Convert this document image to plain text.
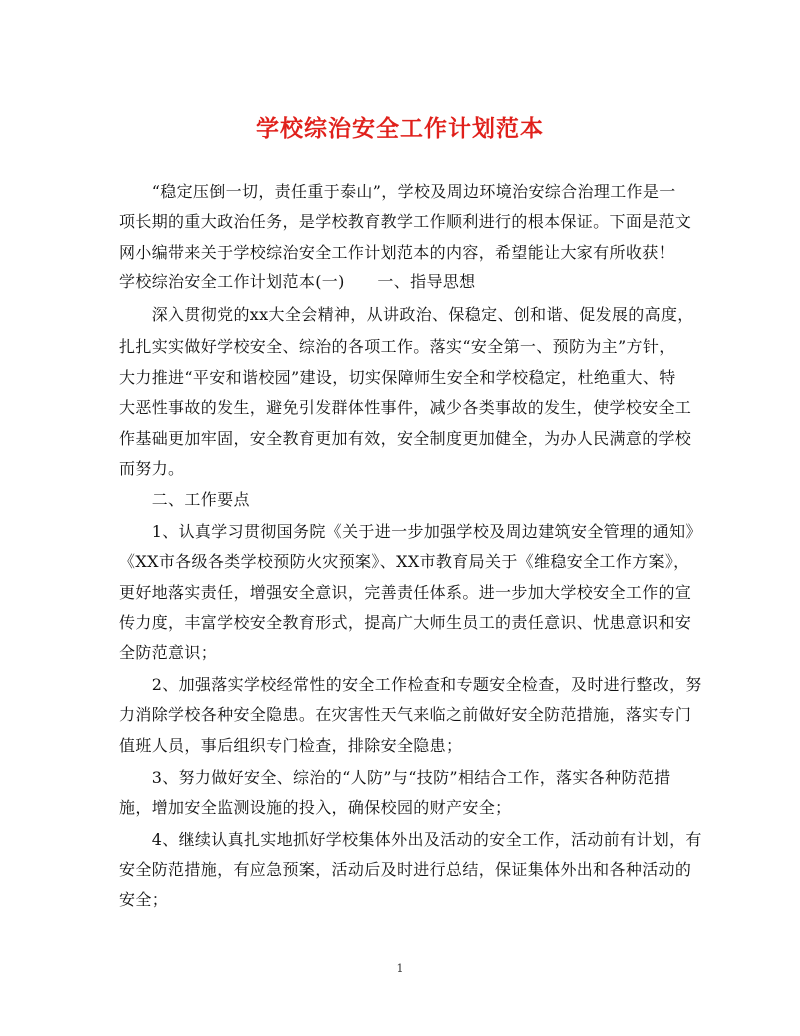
学校综治安全工作计划范本
　　“稳定压倒一切，责任重于泰山”，学校及周边环境治安综合治理工作是一
项长期的重大政治任务，是学校教育教学工作顺利进行的根本保证。下面是范文
网小编带来关于学校综治安全工作计划范本的内容，希望能让大家有所收获！
学校综治安全工作计划范本(一)　　一、指导思想
　　深入贯彻党的xx大全会精神，从讲政治、保稳定、创和谐、促发展的高度，
扎扎实实做好学校安全、综治的各项工作。落实“安全第一、预防为主”方针，
大力推进“平安和谐校园”建设，切实保障师生安全和学校稳定，杜绝重大、特
大恶性事故的发生，避免引发群体性事件，减少各类事故的发生，使学校安全工
作基础更加牢固，安全教育更加有效，安全制度更加健全，为办人民满意的学校
而努力。
　　二、工作要点
　　1、认真学习贯彻国务院《关于进一步加强学校及周边建筑安全管理的通知》
《XX市各级各类学校预防火灾预案》、XX市教育局关于《维稳安全工作方案》，
更好地落实责任，增强安全意识，完善责任体系。进一步加大学校安全工作的宣
传力度，丰富学校安全教育形式，提高广大师生员工的责任意识、忧患意识和安
全防范意识；
　　2、加强落实学校经常性的安全工作检查和专题安全检查，及时进行整改，努
力消除学校各种安全隐患。在灾害性天气来临之前做好安全防范措施，落实专门
值班人员，事后组织专门检查，排除安全隐患；
　　3、努力做好安全、综治的“人防”与“技防”相结合工作，落实各种防范措
施，增加安全监测设施的投入，确保校园的财产安全；
　　4、继续认真扎实地抓好学校集体外出及活动的安全工作，活动前有计划，有
安全防范措施，有应急预案，活动后及时进行总结，保证集体外出和各种活动的
安全；
1
